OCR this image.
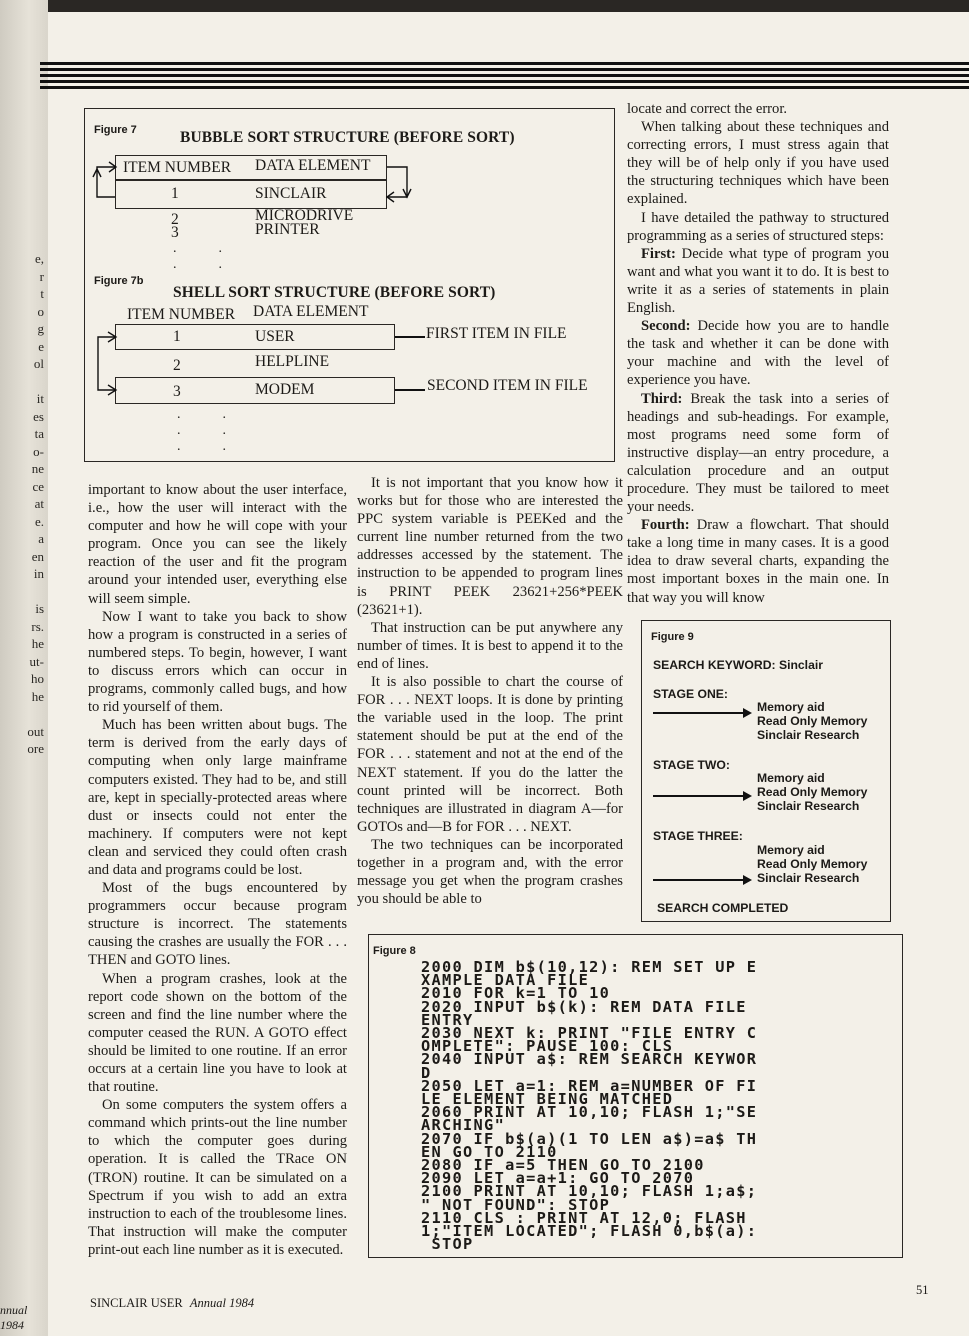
e,
r
t
o
g
e
ol

it
es
ta
o-
ne
ce
at
e.
a
en
in

is
rs.
he
ut-
ho
he

out
ore
nnual 1984
Figure 7	BUBBLE SORT STRUCTURE (BEFORE SORT)
ITEM NUMBER DATA ELEMENT
1	SINCLAIR
2	MICRODRIVE
3	PRINTER
.            .
.            .
Figure 7b
SHELL SORT STRUCTURE (BEFORE SORT)
ITEM NUMBER DATA ELEMENT
1	USER
2	HELPLINE
3	MODEM
.            .
.            .
.            .
FIRST ITEM IN FILE
SECOND ITEM IN FILE

important to know about the user interface, i.e., how the user will interact with the computer and how he will cope with your program. Once you can see the likely reaction of the user and fit the program around your intended user, everything else will seem simple.

Now I want to take you back to show how a program is constructed in a series of numbered steps. To begin, however, I want to discuss errors which can occur in programs, commonly called bugs, and how to rid yourself of them.

Much has been written about bugs. The term is derived from the early days of computing when only large mainframe computers existed. They had to be, and still are, kept in specially-protected areas where dust or insects could not enter the machinery. If computers were not kept clean and serviced they could often crash and data and programs could be lost.

Most of the bugs encountered by programmers occur because program structure is incorrect. The statements causing the crashes are usually the FOR . . . THEN and GOTO lines.

When a program crashes, look at the report code shown on the bottom of the screen and find the line number where the computer ceased the RUN. A GOTO effect should be limited to one routine. If an error occurs at a certain line you have to look at that routine.

On some computers the system offers a command which prints-out the line number to which the computer goes during operation. It is called the TRace ON (TRON) routine. It can be simulated on a Spectrum if you wish to add an extra instruction to each of the troublesome lines. That instruction will make the computer print-out each line number as it is executed.

It is not important that you know how it works but for those who are interested the PPC system variable is PEEKed and the current line number returned from the two addresses accessed by the statement. The instruction to be appended to program lines is PRINT PEEK 23621+256*PEEK (23621+1).

That instruction can be put anywhere any number of times. It is best to append it to the end of lines.

It is also possible to chart the course of FOR . . . NEXT loops. It is done by printing the variable used in the loop. The print statement should be put at the end of the FOR . . . statement and not at the end of the NEXT statement. If you do the latter the count printed will be incorrect. Both techniques are illustrated in diagram A—for GOTOs and—B for FOR . . . NEXT.

The two techniques can be incorporated together in a program and, with the error message you get when the program crashes you should be able to

locate and correct the error.

When talking about these techniques and correcting errors, I must stress again that they will be of help only if you have used the structuring techniques which have been explained.

I have detailed the pathway to structured programming as a series of structured steps:

First: Decide what type of program you want and what you want it to do. It is best to write it as a series of statements in plain English.

Second: Decide how you are to handle the task and whether it can be done with your machine and with the level of experience you have.

Third: Break the task into a series of headings and sub-headings. For example, most programs need some form of instructive display—an entry procedure, a calculation procedure and an output procedure. They must be tailored to meet your needs.

Fourth: Draw a flowchart. That should take a long time in many cases. It is a good idea to draw several charts, expanding the most important boxes in the main one. In that way you will know

Figure 9
SEARCH KEYWORD: Sinclair
STAGE ONE:
Memory aid
Read Only Memory
Sinclair Research
STAGE TWO:
Memory aid
Read Only Memory
Sinclair Research
STAGE THREE:
Memory aid
Read Only Memory
Sinclair Research
SEARCH COMPLETED
Figure 8
2000 DIM b$(10,12): REM SET UP E
XAMPLE DATA FILE
2010 FOR k=1 TO 10
2020 INPUT b$(k): REM DATA FILE
ENTRY
2030 NEXT k: PRINT "FILE ENTRY C
OMPLETE": PAUSE 100: CLS
2040 INPUT a$: REM SEARCH KEYWOR
D
2050 LET a=1: REM a=NUMBER OF FI
LE ELEMENT BEING MATCHED
2060 PRINT AT 10,10; FLASH 1;"SE
ARCHING"
2070 IF b$(a)(1 TO LEN a$)=a$ TH
EN GO TO 2110
2080 IF a=5 THEN GO TO 2100
2090 LET a=a+1: GO TO 2070
2100 PRINT AT 10,10; FLASH 1;a$;
" NOT FOUND": STOP
2110 CLS : PRINT AT 12,0; FLASH
1;"ITEM LOCATED"; FLASH 0,b$(a):
STOP
SINCLAIR USER Annual 1984
51
